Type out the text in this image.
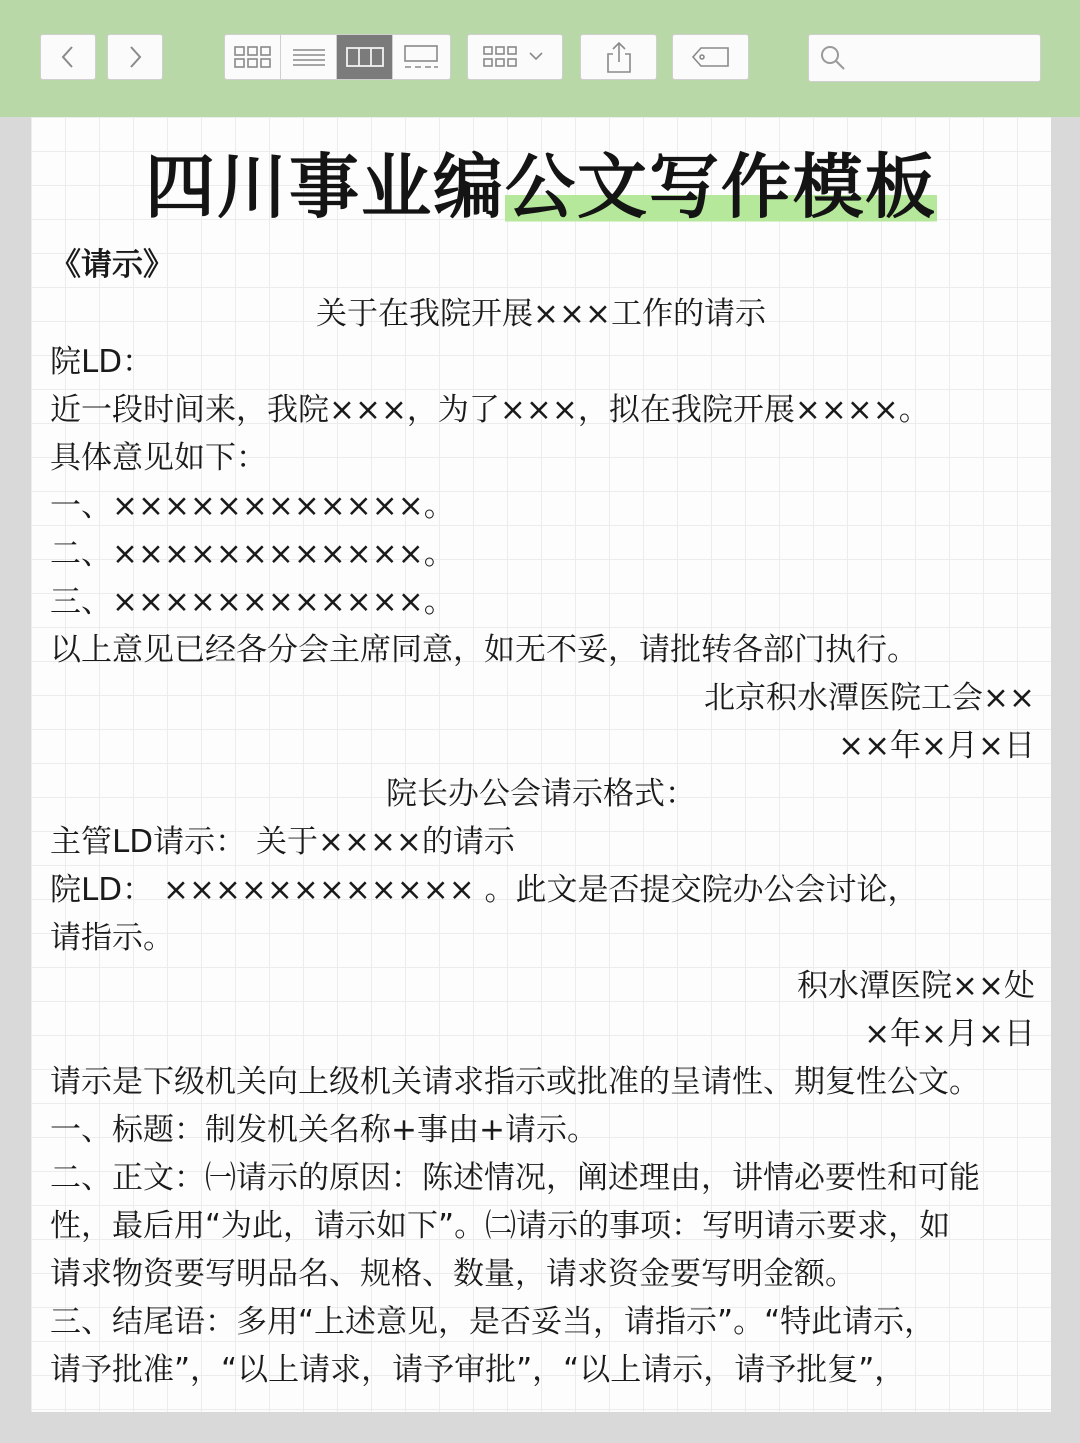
四川事业编公文写作模板
《请示》
关于在我院开展×××工作的请示
院LD：
近一段时间来，我院×××，为了×××，拟在我院开展××××。
具体意见如下：
一、××××××××××××。
二、××××××××××××。
三、××××××××××××。
以上意见已经各分会主席同意，如无不妥，请批转各部门执行。
北京积水潭医院工会××
××年×月×日
院长办公会请示格式：
主管LD请示： 关于××××的请示
院LD： ×××××××××××× 。此文是否提交院办公会讨论，
请指示。
积水潭医院××处
×年×月×日
请示是下级机关向上级机关请求指示或批准的呈请性、期复性公文。
一、标题：制发机关名称+事由+请示。
二、正文：㈠请示的原因：陈述情况，阐述理由，讲情必要性和可能
性，最后用“为此，请示如下”。㈡请示的事项：写明请示要求，如
请求物资要写明品名、规格、数量，请求资金要写明金额。
三、结尾语：多用“上述意见，是否妥当，请指示”。“特此请示，
请予批准”，“以上请求，请予审批”，“以上请示，请予批复”，
